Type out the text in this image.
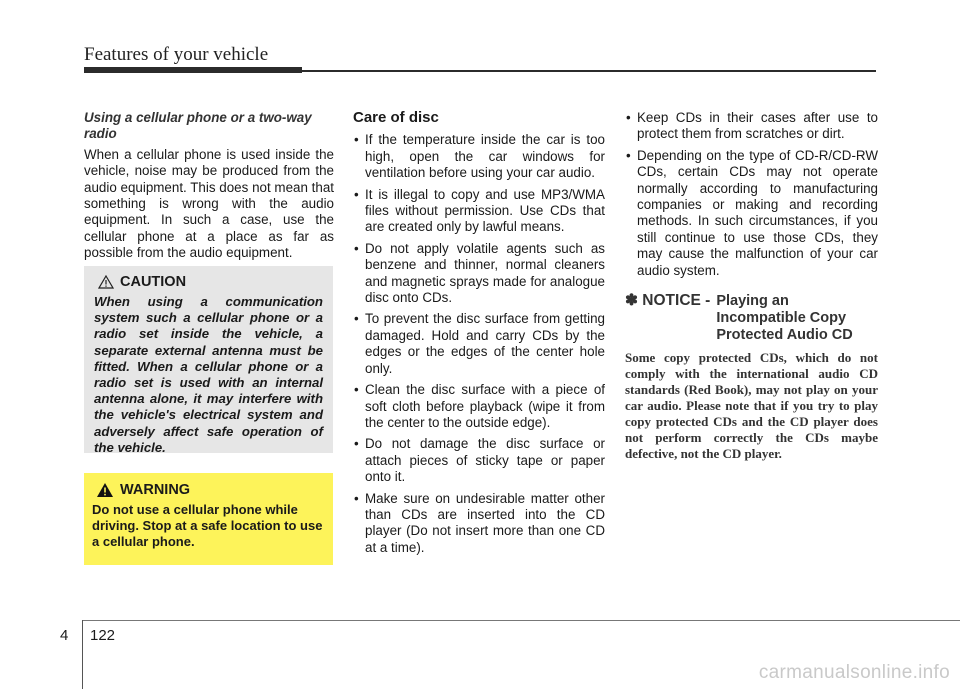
Features of your vehicle

Using a cellular phone or a two-way radio

When a cellular phone is used inside the vehicle, noise may be produced from the audio equipment. This does not mean that something is wrong with the audio equipment. In such a case, use the cellular phone at a place as far as possible from the audio equipment.

CAUTION

When using a communication system such a cellular phone or a radio set inside the vehicle, a separate external antenna must be fitted. When a cellular phone or a radio set is used with an internal antenna alone, it may interfere with the vehicle's electrical system and adversely affect safe operation of the vehicle.

WARNING

Do not use a cellular phone while driving. Stop at a safe location to use a cellular phone.

Care of disc
• If the temperature inside the car is too high, open the car windows for ventilation before using your car audio.
• It is illegal to copy and use MP3/WMA files without permission. Use CDs that are created only by lawful means.
• Do not apply volatile agents such as benzene and thinner, normal cleaners and magnetic sprays made for analogue disc onto CDs.
• To prevent the disc surface from getting damaged. Hold and carry CDs by the edges or the edges of the center hole only.
• Clean the disc surface with a piece of soft cloth before playback (wipe it from the center to the outside edge).
• Do not damage the disc surface or attach pieces of sticky tape or paper onto it.
• Make sure on undesirable matter other than CDs are inserted into the CD player (Do not insert more than one CD at a time).
• Keep CDs in their cases after use to protect them from scratches or dirt.
• Depending on the type of CD-R/CD-RW CDs, certain CDs may not operate normally according to manufacturing companies or making and recording methods. In such circumstances, if you still continue to use those CDs, they may cause the malfunction of your car audio system.
✽ NOTICE - Playing an
Incompatible Copy
Protected Audio CD

Some copy protected CDs, which do not comply with the international audio CD standards (Red Book), may not play on your car audio. Please note that if you try to play copy protected CDs and the CD player does not perform correctly the CDs maybe defective, not the CD player.

4 122
carmanualsonline.info
